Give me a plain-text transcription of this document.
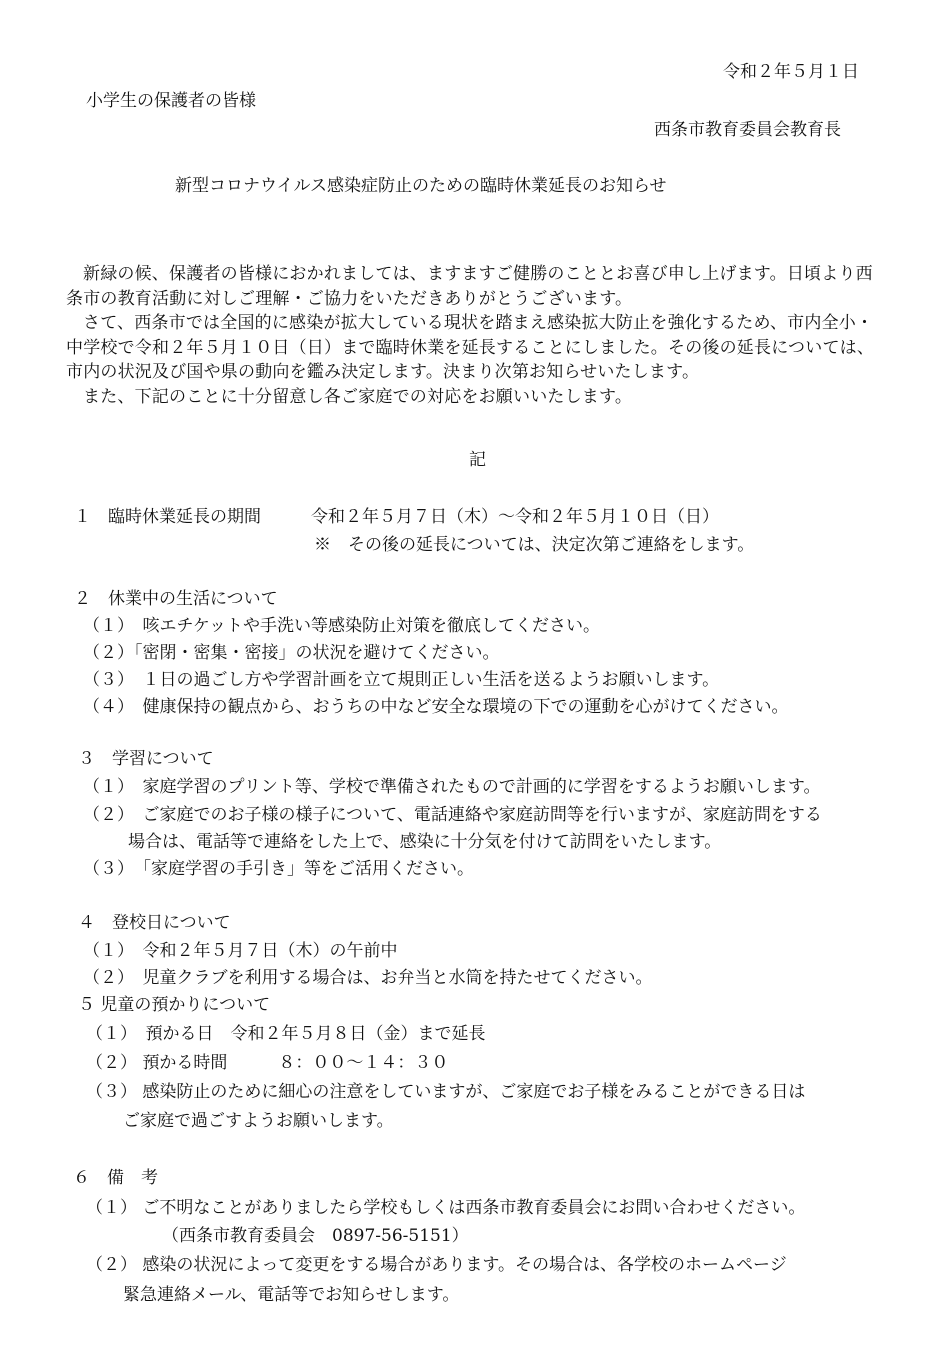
令和２年５月１日
小学生の保護者の皆様
西条市教育委員会教育長
新型コロナウイルス感染症防止のための臨時休業延長のお知らせ

新緑の候、保護者の皆様におかれましては、ますますご健勝のこととお喜び申し上げます。日頃より西条市の教育活動に対しご理解・ご協力をいただきありがとうございます。

さて、西条市では全国的に感染が拡大している現状を踏まえ感染拡大防止を強化するため、市内全小・中学校で令和２年５月１０日（日）まで臨時休業を延長することにしました。その後の延長については、市内の状況及び国や県の動向を鑑み決定します。決まり次第お知らせいたします。

また、下記のことに十分留意し各ご家庭での対応をお願いいたします。

記
１　臨時休業延長の期間	令和２年５月７日（木）～令和２年５月１０日（日）
※　その後の延長については、決定次第ご連絡をします。
２　休業中の生活について
（１）　咳エチケットや手洗い等感染防止対策を徹底してください。
（２）「密閉・密集・密接」の状況を避けてください。
（３）　１日の過ごし方や学習計画を立て規則正しい生活を送るようお願いします。
（４）　健康保持の観点から、おうちの中など安全な環境の下での運動を心がけてください。
３　学習について
（１）　家庭学習のプリント等、学校で準備されたもので計画的に学習をするようお願いします。
（２）　ご家庭でのお子様の様子について、電話連絡や家庭訪問等を行いますが、家庭訪問をする
場合は、電話等で連絡をした上で、感染に十分気を付けて訪問をいたします。
（３）　「家庭学習の手引き」等をご活用ください。
４　登校日について
（１）　令和２年５月７日（木）の午前中
（２）　児童クラブを利用する場合は、お弁当と水筒を持たせてください。
５ 児童の預かりについて
（１）　預かる日　令和２年５月８日（金）まで延長
（２） 預かる時間　　　８：００～１４：３０
（３） 感染防止のために細心の注意をしていますが、ご家庭でお子様をみることができる日は
ご家庭で過ごすようお願いします。
６　備　考
（１） ご不明なことがありましたら学校もしくは西条市教育委員会にお問い合わせください。
（西条市教育委員会　0897-56-5151）
（２） 感染の状況によって変更をする場合があります。その場合は、各学校のホームページ
緊急連絡メール、電話等でお知らせします。
